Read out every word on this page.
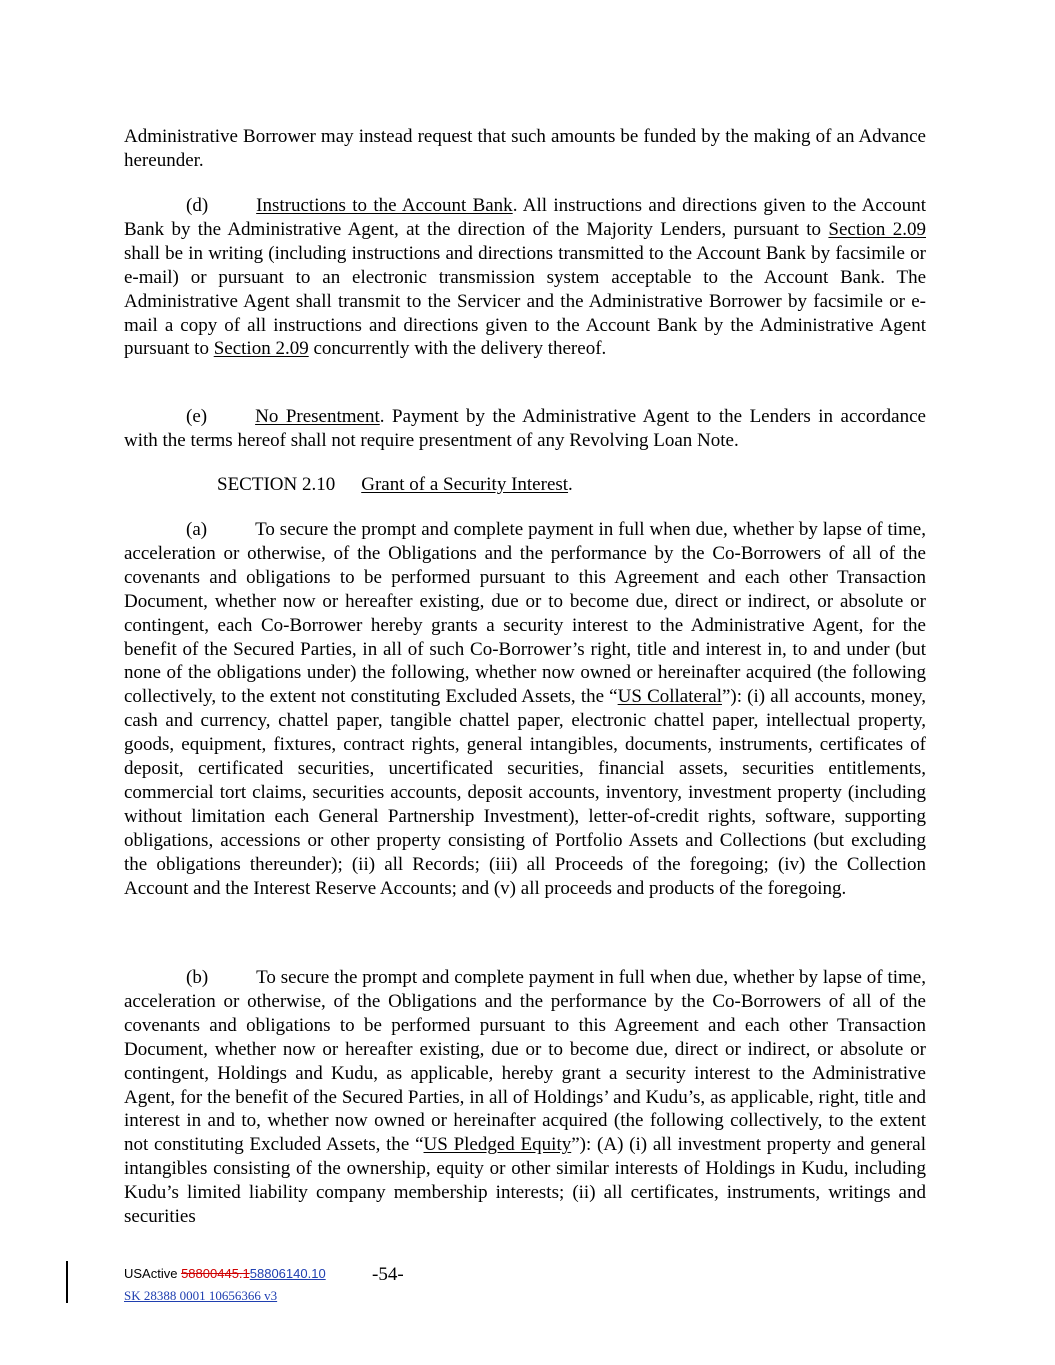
Administrative Borrower may instead request that such amounts be funded by the making of an Advance hereunder.

(d)	Instructions to the Account Bank. All instructions and directions given to the Account Bank by the Administrative Agent, at the direction of the Majority Lenders, pursuant to Section 2.09 shall be in writing (including instructions and directions transmitted to the Account Bank by facsimile or e-mail) or pursuant to an electronic transmission system acceptable to the Account Bank. The Administrative Agent shall transmit to the Servicer and the Administrative Borrower by facsimile or e- mail a copy of all instructions and directions given to the Account Bank by the Administrative Agent pursuant to Section 2.09 concurrently with the delivery thereof.

(e)	No Presentment. Payment by the Administrative Agent to the Lenders in accordance with the terms hereof shall not require presentment of any Revolving Loan Note.

SECTION 2.10 Grant of a Security Interest.

(a)	To secure the prompt and complete payment in full when due, whether by lapse of time, acceleration or otherwise, of the Obligations and the performance by the Co-Borrowers of all of the covenants and obligations to be performed pursuant to this Agreement and each other Transaction Document, whether now or hereafter existing, due or to become due, direct or indirect, or absolute or contingent, each Co-Borrower hereby grants a security interest to the Administrative Agent, for the benefit of the Secured Parties, in all of such Co-Borrower’s right, title and interest in, to and under (but none of the obligations under) the following, whether now owned or hereinafter acquired (the following collectively, to the extent not constituting Excluded Assets, the “US Collateral”): (i) all accounts, money, cash and currency, chattel paper, tangible chattel paper, electronic chattel paper, intellectual property, goods, equipment, fixtures, contract rights, general intangibles, documents, instruments, certificates of deposit, certificated securities, uncertificated securities, financial assets, securities entitlements, commercial tort claims, securities accounts, deposit accounts, inventory, investment property (including without limitation each General Partnership Investment), letter-of-credit rights, software, supporting obligations, accessions or other property consisting of Portfolio Assets and Collections (but excluding the obligations thereunder); (ii) all Records; (iii) all Proceeds of the foregoing; (iv) the Collection Account and the Interest Reserve Accounts; and (v) all proceeds and products of the foregoing.

(b)	To secure the prompt and complete payment in full when due, whether by lapse of time, acceleration or otherwise, of the Obligations and the performance by the Co-Borrowers of all of the covenants and obligations to be performed pursuant to this Agreement and each other Transaction Document, whether now or hereafter existing, due or to become due, direct or indirect, or absolute or contingent, Holdings and Kudu, as applicable, hereby grant a security interest to the Administrative Agent, for the benefit of the Secured Parties, in all of Holdings’ and Kudu’s, as applicable, right, title and interest in and to, whether now owned or hereinafter acquired (the following collectively, to the extent not constituting Excluded Assets, the “US Pledged Equity”): (A) (i) all investment property and general intangibles consisting of the ownership, equity or other similar interests of Holdings in Kudu, including Kudu’s limited liability company membership interests; (ii) all certificates, instruments, writings and securities

USActive 58800445.158806140.10 -54-
SK 28388 0001 10656366 v3
